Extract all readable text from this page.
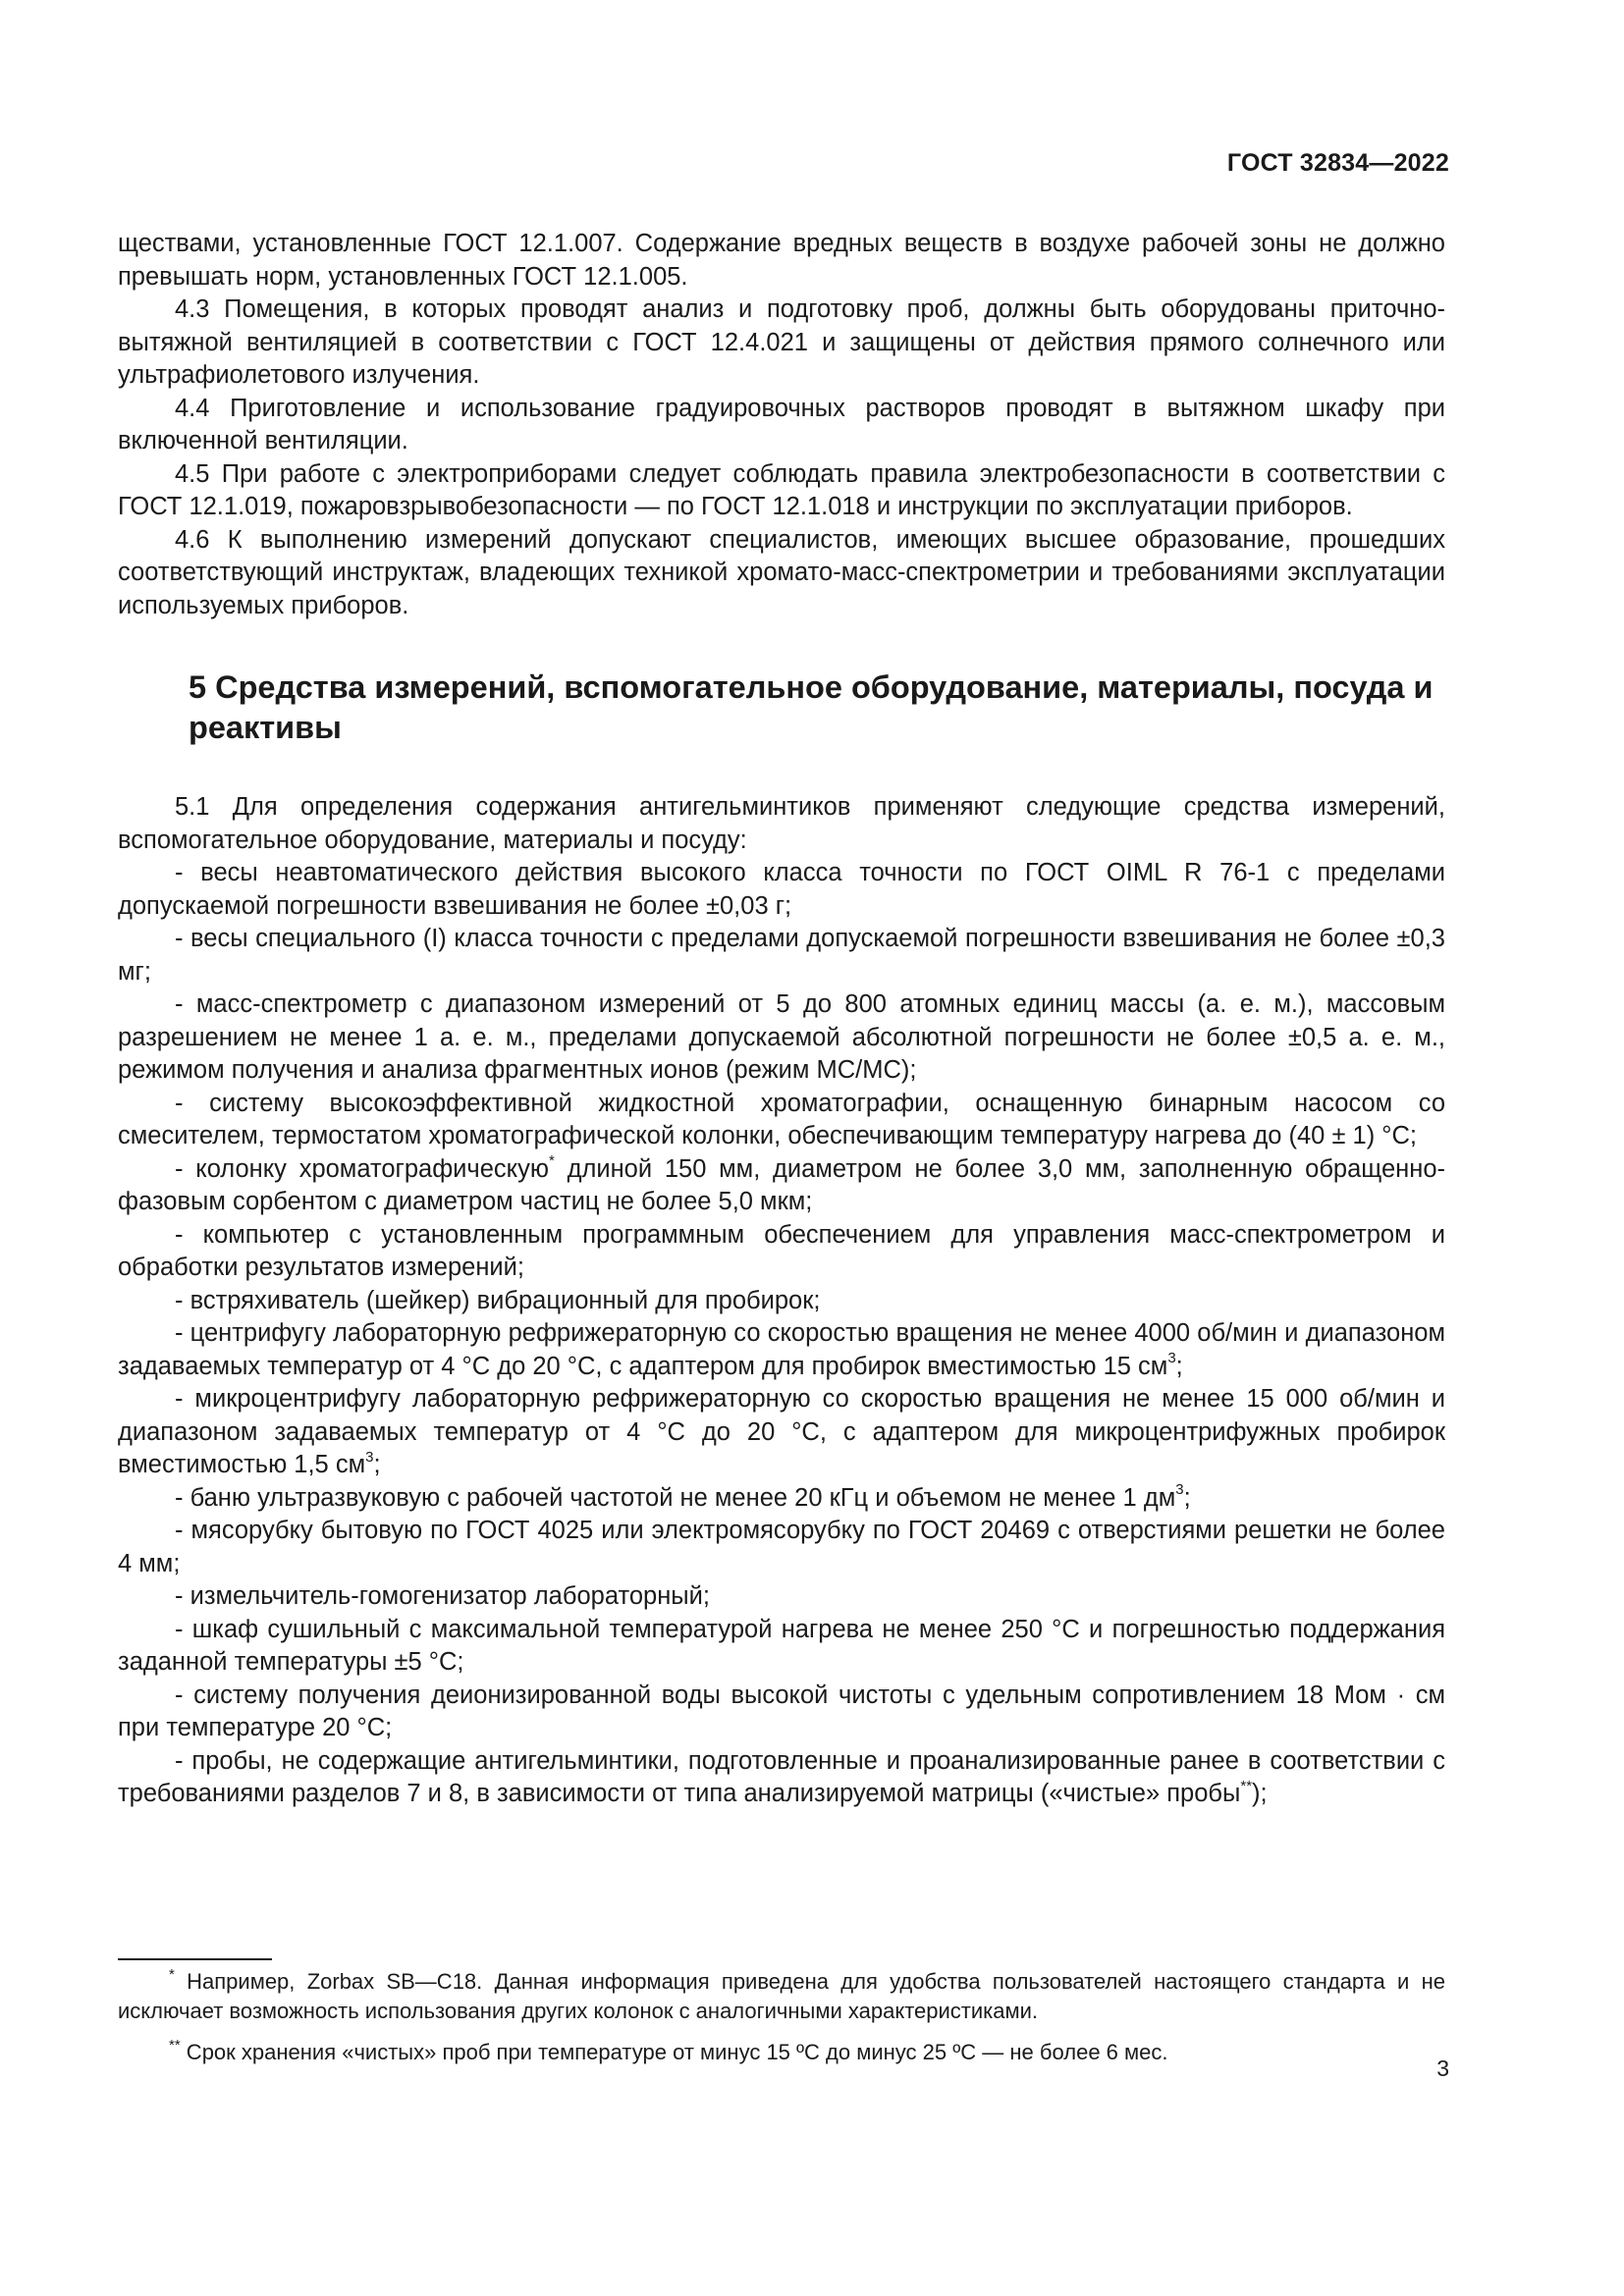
ГОСТ 32834—2022

ществами, установленные ГОСТ 12.1.007. Содержание вредных веществ в воздухе рабочей зоны не должно превышать норм, установленных ГОСТ 12.1.005.

4.3 Помещения, в которых проводят анализ и подготовку проб, должны быть оборудованы приточно-вытяжной вентиляцией в соответствии с ГОСТ 12.4.021 и защищены от действия прямого солнечного или ультрафиолетового излучения.

4.4 Приготовление и использование градуировочных растворов проводят в вытяжном шкафу при включенной вентиляции.

4.5 При работе с электроприборами следует соблюдать правила электробезопасности в соответствии с ГОСТ 12.1.019, пожаровзрывобезопасности — по ГОСТ 12.1.018 и инструкции по эксплуатации приборов.

4.6 К выполнению измерений допускают специалистов, имеющих высшее образование, прошедших соответствующий инструктаж, владеющих техникой хромато-масс-спектрометрии и требованиями эксплуатации используемых приборов.

5 Средства измерений, вспомогательное оборудование, материалы, посуда и реактивы

5.1 Для определения содержания антигельминтиков применяют следующие средства измерений, вспомогательное оборудование, материалы и посуду:

- весы неавтоматического действия высокого класса точности по ГОСТ OIML R 76-1 с пределами допускаемой погрешности взвешивания не более ±0,03 г;

- весы специального (I) класса точности с пределами допускаемой погрешности взвешивания не более ±0,3 мг;

- масс-спектрометр с диапазоном измерений от 5 до 800 атомных единиц массы (а. е. м.), массовым разрешением не менее 1 а. е. м., пределами допускаемой абсолютной погрешности не более ±0,5 а. е. м., режимом получения и анализа фрагментных ионов (режим МС/МС);

- систему высокоэффективной жидкостной хроматографии, оснащенную бинарным насосом со смесителем, термостатом хроматографической колонки, обеспечивающим температуру нагрева до (40 ± 1) °С;

- колонку хроматографическую* длиной 150 мм, диаметром не более 3,0 мм, заполненную обращенно-фазовым сорбентом с диаметром частиц не более 5,0 мкм;

- компьютер с установленным программным обеспечением для управления масс-спектрометром и обработки результатов измерений;

- встряхиватель (шейкер) вибрационный для пробирок;

- центрифугу лабораторную рефрижераторную со скоростью вращения не менее 4000 об/мин и диапазоном задаваемых температур от 4 °С до 20 °С, с адаптером для пробирок вместимостью 15 $см^3$;

- микроцентрифугу лабораторную рефрижераторную со скоростью вращения не менее 15 000 об/мин и диапазоном задаваемых температур от 4 °С до 20 °С, с адаптером для микроцентрифужных пробирок вместимостью 1,5 $см^3$;

- баню ультразвуковую с рабочей частотой не менее 20 кГц и объемом не менее 1 $дм^3$;

- мясорубку бытовую по ГОСТ 4025 или электромясорубку по ГОСТ 20469 с отверстиями решетки не более 4 мм;

- измельчитель-гомогенизатор лабораторный;

- шкаф сушильный с максимальной температурой нагрева не менее 250 °С и погрешностью поддержания заданной температуры ±5 °С;

- систему получения деионизированной воды высокой чистоты с удельным сопротивлением 18 Мом · см при температуре 20 °С;

- пробы, не содержащие антигельминтики, подготовленные и проанализированные ранее в соответствии с требованиями разделов 7 и 8, в зависимости от типа анализируемой матрицы («чистые» пробы**);

* Например, Zorbax SB—C18. Данная информация приведена для удобства пользователей настоящего стандарта и не исключает возможность использования других колонок с аналогичными характеристиками.

** Срок хранения «чистых» проб при температуре от минус 15 ºС до минус 25 ºС — не более 6 мес.

3
